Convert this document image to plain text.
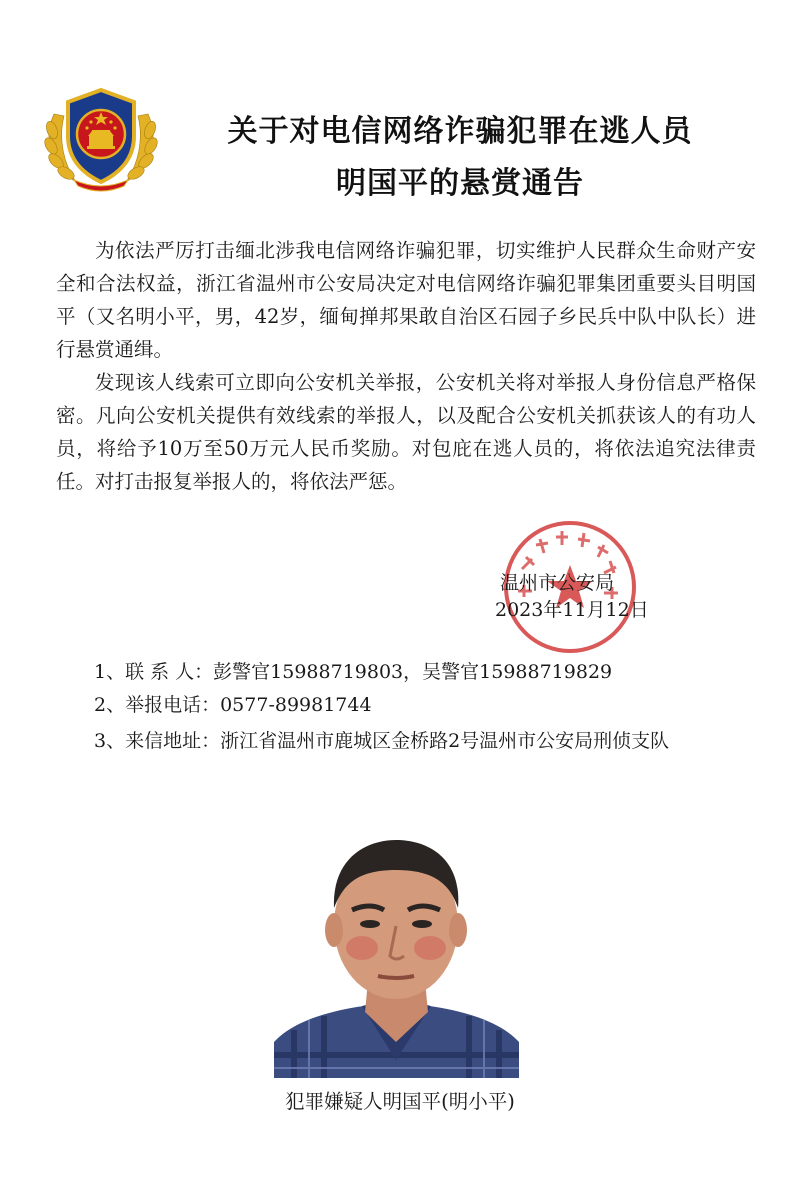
关于对电信网络诈骗犯罪在逃人员
明国平的悬赏通告

为依法严厉打击缅北涉我电信网络诈骗犯罪，切实维护人民群众生命财产安全和合法权益，浙江省温州市公安局决定对电信网络诈骗犯罪集团重要头目明国平（又名明小平，男，42岁，缅甸掸邦果敢自治区石园子乡民兵中队中队长）进行悬赏通缉。

发现该人线索可立即向公安机关举报，公安机关将对举报人身份信息严格保密。凡向公安机关提供有效线索的举报人，以及配合公安机关抓获该人的有功人员，将给予10万至50万元人民币奖励。对包庇在逃人员的，将依法追究法律责任。对打击报复举报人的，将依法严惩。

温州市公安局
2023年11月12日
1、联 系 人：彭警官15988719803，吴警官15988719829
2、举报电话：0577-89981744
3、来信地址：浙江省温州市鹿城区金桥路2号温州市公安局刑侦支队
犯罪嫌疑人明国平(明小平)
